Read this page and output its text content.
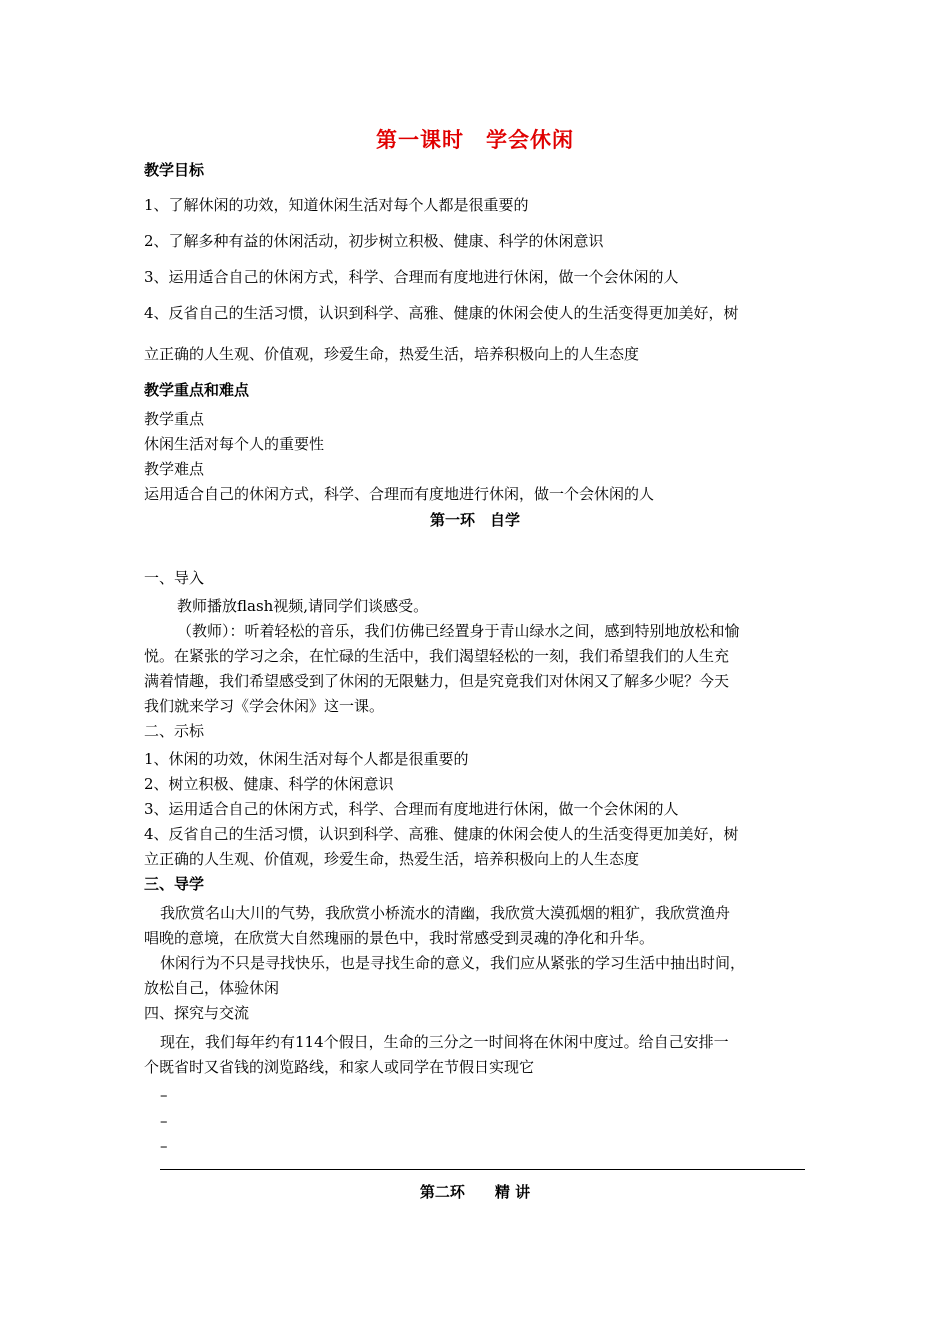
第一课时　学会休闲
教学目标
1、了解休闲的功效，知道休闲生活对每个人都是很重要的
2、了解多种有益的休闲活动，初步树立积极、健康、科学的休闲意识
3、运用适合自己的休闲方式，科学、合理而有度地进行休闲，做一个会休闲的人
4、反省自己的生活习惯，认识到科学、高雅、健康的休闲会使人的生活变得更加美好，树
立正确的人生观、价值观，珍爱生命，热爱生活，培养积极向上的人生态度
教学重点和难点
教学重点
休闲生活对每个人的重要性
教学难点
运用适合自己的休闲方式，科学、合理而有度地进行休闲，做一个会休闲的人
第一环　自学
一、导入
教师播放flash视频,请同学们谈感受。
（教师）：听着轻松的音乐，我们仿佛已经置身于青山绿水之间，感到特别地放松和愉
悦。在紧张的学习之余，在忙碌的生活中，我们渴望轻松的一刻，我们希望我们的人生充
满着情趣，我们希望感受到了休闲的无限魅力，但是究竟我们对休闲又了解多少呢？今天
我们就来学习《学会休闲》这一课。
二、示标
1、休闲的功效，休闲生活对每个人都是很重要的
2、树立积极、健康、科学的休闲意识
3、运用适合自己的休闲方式，科学、合理而有度地进行休闲，做一个会休闲的人
4、反省自己的生活习惯，认识到科学、高雅、健康的休闲会使人的生活变得更加美好，树
立正确的人生观、价值观，珍爱生命，热爱生活，培养积极向上的人生态度
三、导学
我欣赏名山大川的气势，我欣赏小桥流水的清幽，我欣赏大漠孤烟的粗犷，我欣赏渔舟
唱晚的意境，在欣赏大自然瑰丽的景色中，我时常感受到灵魂的净化和升华。
休闲行为不只是寻找快乐，也是寻找生命的意义，我们应从紧张的学习生活中抽出时间，
放松自己，体验休闲
四、探究与交流
现在，我们每年约有114个假日，生命的三分之一时间将在休闲中度过。给自己安排一
个既省时又省钱的浏览路线，和家人或同学在节假日实现它
–
–
–
第二环　　精 讲
